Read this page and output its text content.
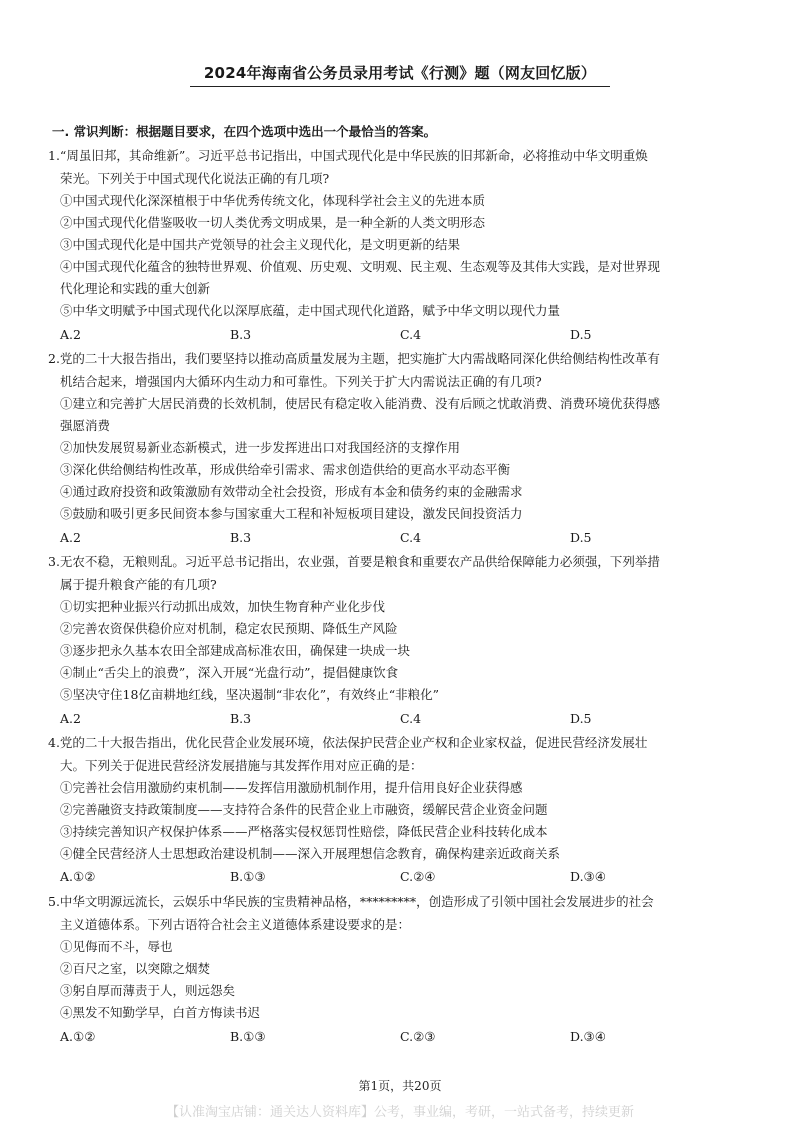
2024年海南省公务员录用考试《行测》题（网友回忆版）
一. 常识判断：根据题目要求，在四个选项中选出一个最恰当的答案。
1.“周虽旧邦，其命维新”。习近平总书记指出，中国式现代化是中华民族的旧邦新命，必将推动中华文明重焕
荣光。下列关于中国式现代化说法正确的有几项?
①中国式现代化深深植根于中华优秀传统文化，体现科学社会主义的先进本质
②中国式现代化借鉴吸收一切人类优秀文明成果，是一种全新的人类文明形态
③中国式现代化是中国共产党领导的社会主义现代化，是文明更新的结果
④中国式现代化蕴含的独特世界观、价值观、历史观、文明观、民主观、生态观等及其伟大实践，是对世界现
代化理论和实践的重大创新
⑤中华文明赋予中国式现代化以深厚底蕴，走中国式现代化道路，赋予中华文明以现代力量
A.2	B.3	C.4	D.5
2.党的二十大报告指出，我们要坚持以推动高质量发展为主题，把实施扩大内需战略同深化供给侧结构性改革有
机结合起来，增强国内大循环内生动力和可靠性。下列关于扩大内需说法正确的有几项?
①建立和完善扩大居民消费的长效机制，使居民有稳定收入能消费、没有后顾之忧敢消费、消费环境优获得感
强愿消费
②加快发展贸易新业态新模式，进一步发挥进出口对我国经济的支撑作用
③深化供给侧结构性改革，形成供给牵引需求、需求创造供给的更高水平动态平衡
④通过政府投资和政策激励有效带动全社会投资，形成有本金和债务约束的金融需求
⑤鼓励和吸引更多民间资本参与国家重大工程和补短板项目建设，激发民间投资活力
A.2	B.3	C.4	D.5
3.无农不稳，无粮则乱。习近平总书记指出，农业强，首要是粮食和重要农产品供给保障能力必须强，下列举措
属于提升粮食产能的有几项?
①切实把种业振兴行动抓出成效，加快生物育种产业化步伐
②完善农资保供稳价应对机制，稳定农民预期、降低生产风险
③逐步把永久基本农田全部建成高标准农田，确保建一块成一块
④制止“舌尖上的浪费”，深入开展“光盘行动”，提倡健康饮食
⑤坚决守住18亿亩耕地红线，坚决遏制“非农化”，有效终止“非粮化”
A.2	B.3	C.4	D.5
4.党的二十大报告指出，优化民营企业发展环境，依法保护民营企业产权和企业家权益，促进民营经济发展壮
大。下列关于促进民营经济发展措施与其发挥作用对应正确的是：
①完善社会信用激励约束机制——发挥信用激励机制作用，提升信用良好企业获得感
②完善融资支持政策制度——支持符合条件的民营企业上市融资，缓解民营企业资金问题
③持续完善知识产权保护体系——严格落实侵权惩罚性赔偿，降低民营企业科技转化成本
④健全民营经济人士思想政治建设机制——深入开展理想信念教育，确保构建亲近政商关系
A.①②	B.①③	C.②④	D.③④
5.中华文明源远流长，云娱乐中华民族的宝贵精神品格，*********，创造形成了引领中国社会发展进步的社会
主义道德体系。下列古语符合社会主义道德体系建设要求的是：
①见侮而不斗，辱也
②百尺之室，以突隙之烟焚
③躬自厚而薄责于人，则远怨矣
④黑发不知勤学早，白首方悔读书迟
A.①②	B.①③	C.②③	D.③④
第1页，共20页
【认准淘宝店铺：通关达人资料库】公考，事业编，考研，一站式备考，持续更新
